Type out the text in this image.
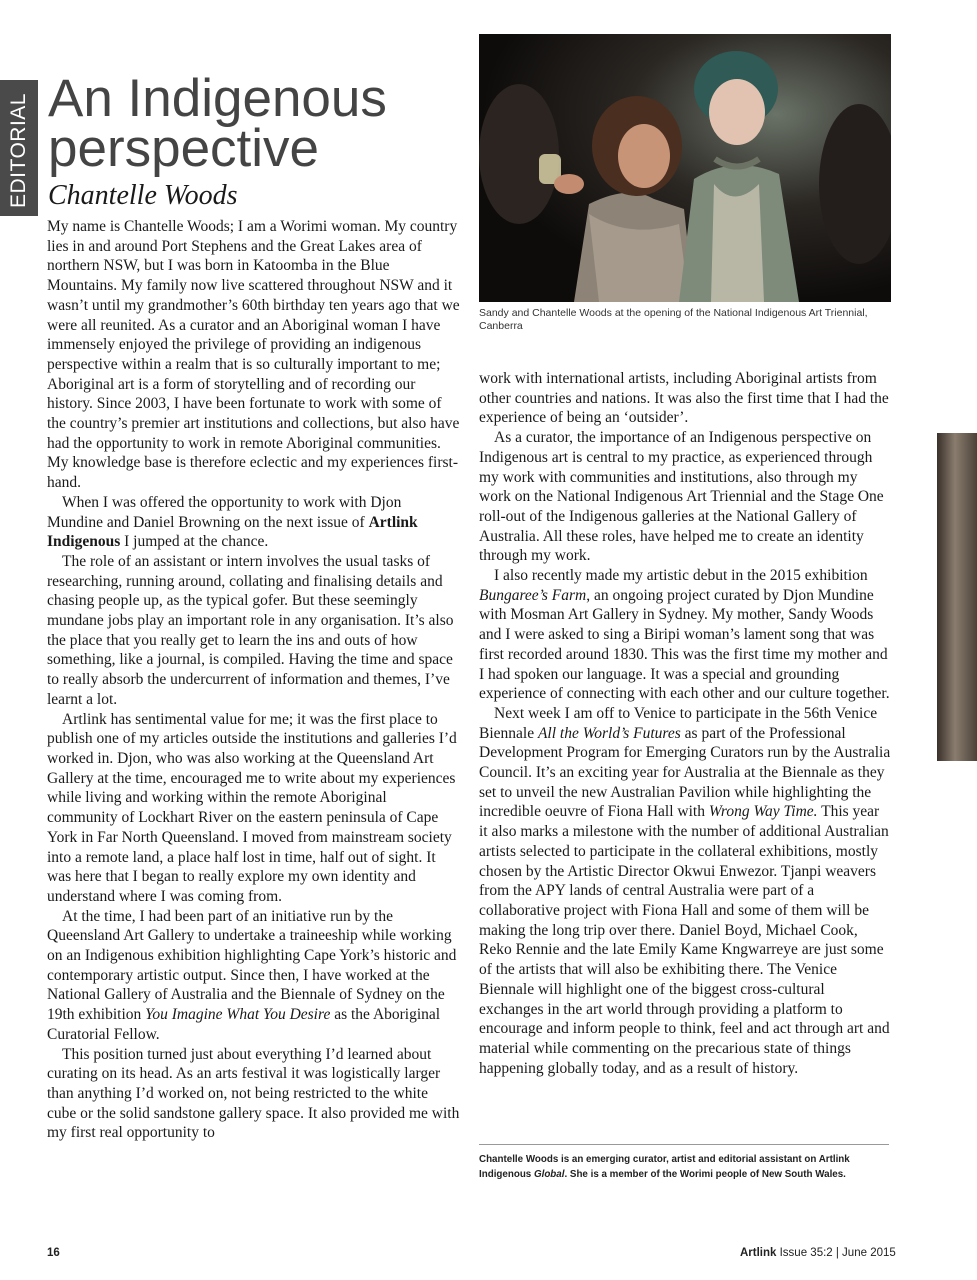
EDITORIAL An Indigenous
perspective
Chantelle Woods

My name is Chantelle Woods; I am a Worimi woman. My country lies in and around Port Stephens and the Great Lakes area of northern NSW, but I was born in Katoomba in the Blue Mountains. My family now live scattered throughout NSW and it wasn’t until my grandmother’s 60th birthday ten years ago that we were all reunited. As a curator and an Aboriginal woman I have immensely enjoyed the privilege of providing an indigenous perspective within a realm that is so culturally important to me; Aboriginal art is a form of storytelling and of recording our history. Since 2003, I have been fortunate to work with some of the country’s premier art institutions and collections, but also have had the opportunity to work in remote Aboriginal communities. My knowledge base is therefore eclectic and my experiences first-hand.

When I was offered the opportunity to work with Djon Mundine and Daniel Browning on the next issue of Artlink Indigenous I jumped at the chance.

The role of an assistant or intern involves the usual tasks of researching, running around, collating and finalising details and chasing people up, as the typical gofer. But these seemingly mundane jobs play an important role in any organisation. It’s also the place that you really get to learn the ins and outs of how something, like a journal, is compiled. Having the time and space to really absorb the undercurrent of information and themes, I’ve learnt a lot.

Artlink has sentimental value for me; it was the first place to publish one of my articles outside the institutions and galleries I’d worked in. Djon, who was also working at the Queensland Art Gallery at the time, encouraged me to write about my experiences while living and working within the remote Aboriginal community of Lockhart River on the eastern peninsula of Cape York in Far North Queensland. I moved from mainstream society into a remote land, a place half lost in time, half out of sight. It was here that I began to really explore my own identity and understand where I was coming from.

At the time, I had been part of an initiative run by the Queensland Art Gallery to undertake a traineeship while working on an Indigenous exhibition highlighting Cape York’s historic and contemporary artistic output. Since then, I have worked at the National Gallery of Australia and the Biennale of Sydney on the 19th exhibition You Imagine What You Desire as the Aboriginal Curatorial Fellow.

This position turned just about everything I’d learned about curating on its head. As an arts festival it was logistically larger than anything I’d worked on, not being restricted to the white cube or the solid sandstone gallery space. It also provided me with my first real opportunity to

Sandy and Chantelle Woods at the opening of the National Indigenous Art Triennial, Canberra

work with international artists, including Aboriginal artists from other countries and nations. It was also the first time that I had the experience of being an ‘outsider’.

As a curator, the importance of an Indigenous perspective on Indigenous art is central to my practice, as experienced through my work with communities and institutions, also through my work on the National Indigenous Art Triennial and the Stage One roll-out of the Indigenous galleries at the National Gallery of Australia. All these roles, have helped me to create an identity through my work.

I also recently made my artistic debut in the 2015 exhibition Bungaree’s Farm, an ongoing project curated by Djon Mundine with Mosman Art Gallery in Sydney. My mother, Sandy Woods and I were asked to sing a Biripi woman’s lament song that was first recorded around 1830. This was the first time my mother and I had spoken our language. It was a special and grounding experience of connecting with each other and our culture together.

Next week I am off to Venice to participate in the 56th Venice Biennale All the World’s Futures as part of the Professional Development Program for Emerging Curators run by the Australia Council. It’s an exciting year for Australia at the Biennale as they set to unveil the new Australian Pavilion while highlighting the incredible oeuvre of Fiona Hall with Wrong Way Time. This year it also marks a milestone with the number of additional Australian artists selected to participate in the collateral exhibitions, mostly chosen by the Artistic Director Okwui Enwezor. Tjanpi weavers from the APY lands of central Australia were part of a collaborative project with Fiona Hall and some of them will be making the long trip over there. Daniel Boyd, Michael Cook, Reko Rennie and the late Emily Kame Kngwarreye are just some of the artists that will also be exhibiting there. The Venice Biennale will highlight one of the biggest cross-cultural exchanges in the art world through providing a platform to encourage and inform people to think, feel and act through art and material while commenting on the precarious state of things happening globally today, and as a result of history.

Chantelle Woods is an emerging curator, artist and editorial assistant on Artlink Indigenous Global. She is a member of the Worimi people of New South Wales.
16	Artlink Issue 35:2 | June 2015
